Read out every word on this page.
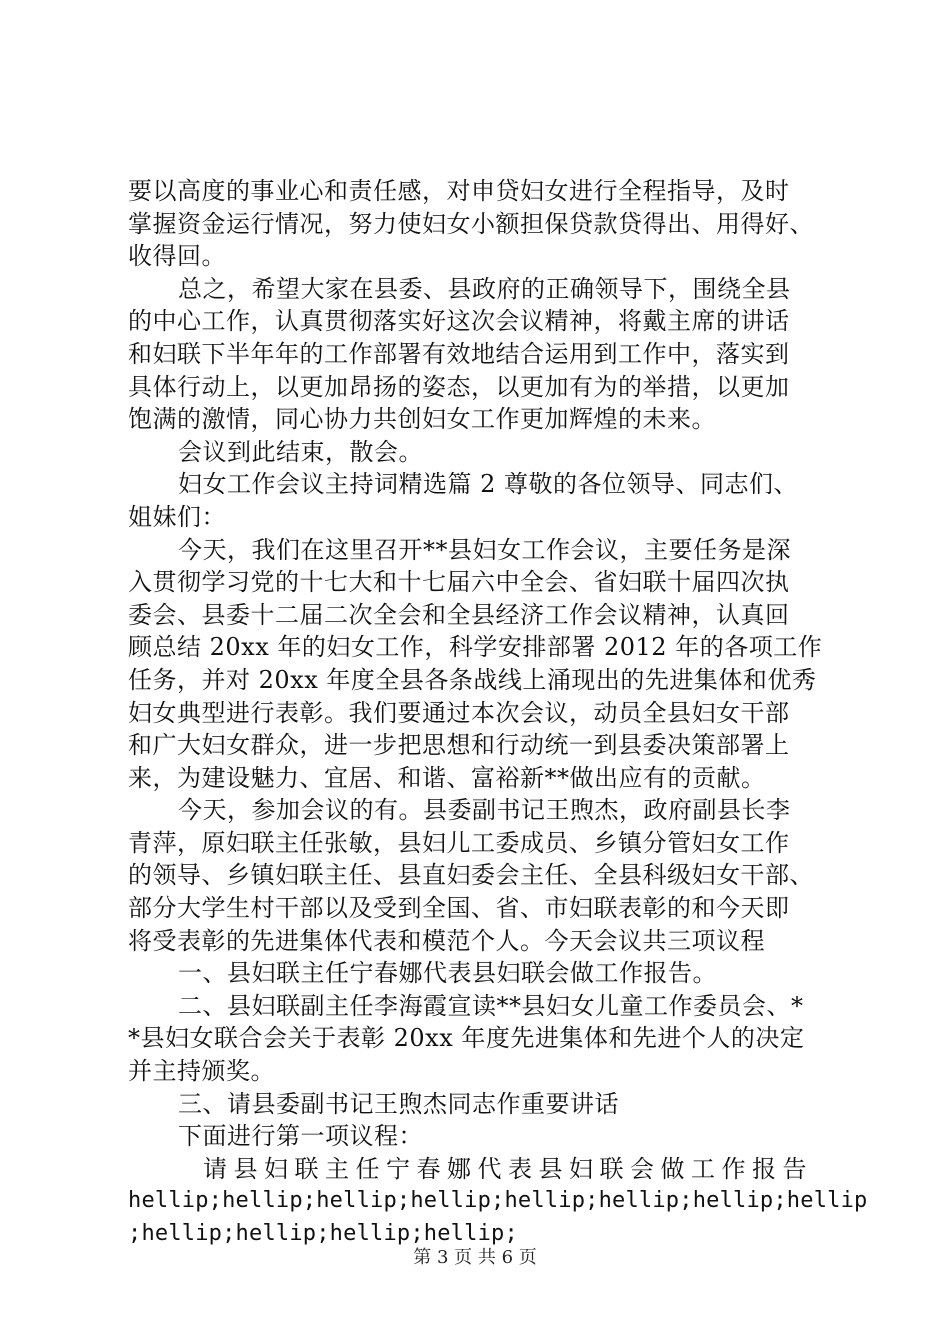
要以高度的事业心和责任感，对申贷妇女进行全程指导，及时
掌握资金运行情况，努力使妇女小额担保贷款贷得出、用得好、
收得回。
总之，希望大家在县委、县政府的正确领导下，围绕全县
的中心工作，认真贯彻落实好这次会议精神，将戴主席的讲话
和妇联下半年年的工作部署有效地结合运用到工作中，落实到
具体行动上，以更加昂扬的姿态，以更加有为的举措，以更加
饱满的激情，同心协力共创妇女工作更加辉煌的未来。
会议到此结束，散会。
妇女工作会议主持词精选篇 2 尊敬的各位领导、同志们、
姐妹们：
今天，我们在这里召开**县妇女工作会议，主要任务是深
入贯彻学习党的十七大和十七届六中全会、省妇联十届四次执
委会、县委十二届二次全会和全县经济工作会议精神，认真回
顾总结 20xx 年的妇女工作，科学安排部署 2012 年的各项工作
任务，并对 20xx 年度全县各条战线上涌现出的先进集体和优秀
妇女典型进行表彰。我们要通过本次会议，动员全县妇女干部
和广大妇女群众，进一步把思想和行动统一到县委决策部署上
来，为建设魅力、宜居、和谐、富裕新**做出应有的贡献。
今天，参加会议的有。县委副书记王煦杰，政府副县长李
青萍，原妇联主任张敏，县妇儿工委成员、乡镇分管妇女工作
的领导、乡镇妇联主任、县直妇委会主任、全县科级妇女干部、
部分大学生村干部以及受到全国、省、市妇联表彰的和今天即
将受表彰的先进集体代表和模范个人。今天会议共三项议程
一、县妇联主任宁春娜代表县妇联会做工作报告。
二、县妇联副主任李海霞宣读**县妇女儿童工作委员会、*
*县妇女联合会关于表彰 20xx 年度先进集体和先进个人的决定
并主持颁奖。
三、请县委副书记王煦杰同志作重要讲话
下面进行第一项议程：
请县妇联主任宁春娜代表县妇联会做工作报告
hellip;hellip;hellip;hellip;hellip;hellip;hellip;hellip
;hellip;hellip;hellip;hellip;
第 3 页 共 6 页
